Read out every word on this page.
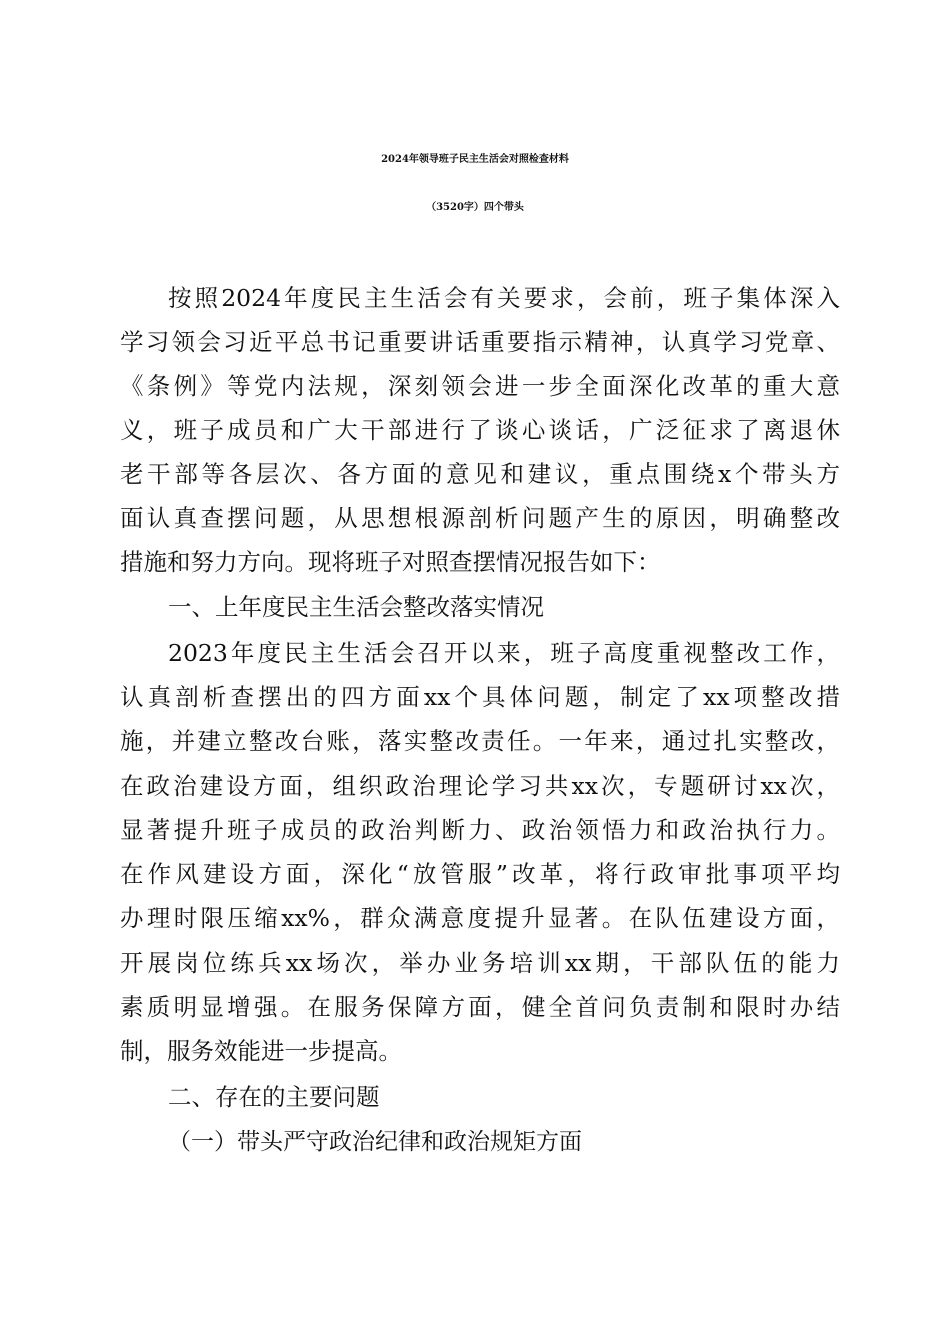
2024年领导班子民主生活会对照检查材料
（3520字）四个带头
按照2024年度民主生活会有关要求，会前，班子集体深入
学习领会习近平总书记重要讲话重要指示精神，认真学习党章、
《条例》等党内法规，深刻领会进一步全面深化改革的重大意
义，班子成员和广大干部进行了谈心谈话，广泛征求了离退休
老干部等各层次、各方面的意见和建议，重点围绕x个带头方
面认真查摆问题，从思想根源剖析问题产生的原因，明确整改
措施和努力方向。现将班子对照查摆情况报告如下：
一、上年度民主生活会整改落实情况
2023年度民主生活会召开以来，班子高度重视整改工作，
认真剖析查摆出的四方面xx个具体问题，制定了xx项整改措
施，并建立整改台账，落实整改责任。一年来，通过扎实整改，
在政治建设方面，组织政治理论学习共xx次，专题研讨xx次，
显著提升班子成员的政治判断力、政治领悟力和政治执行力。
在作风建设方面，深化“放管服”改革，将行政审批事项平均
办理时限压缩xx%，群众满意度提升显著。在队伍建设方面，
开展岗位练兵xx场次，举办业务培训xx期，干部队伍的能力
素质明显增强。在服务保障方面，健全首问负责制和限时办结
制，服务效能进一步提高。
二、存在的主要问题
（一）带头严守政治纪律和政治规矩方面
